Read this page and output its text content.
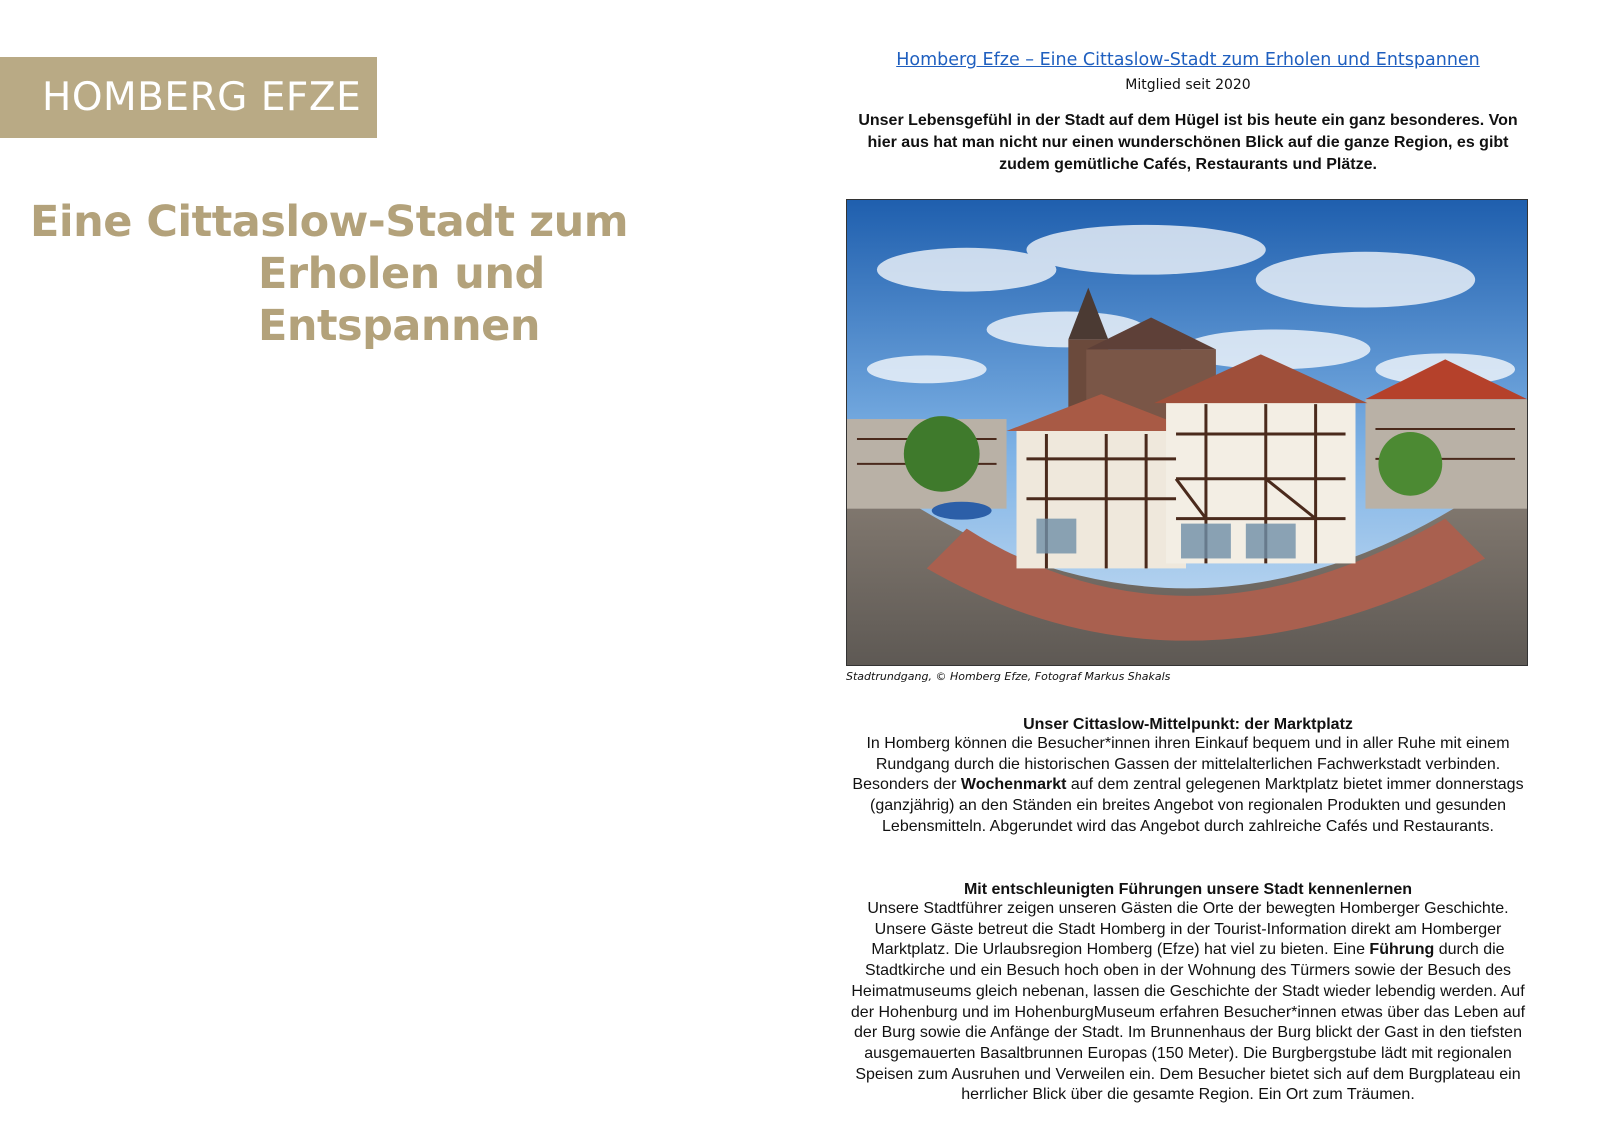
HOMBERG EFZE
Eine Cittaslow-Stadt zum
Erholen und Entspannen
Homberg Efze – Eine Cittaslow-Stadt zum Erholen und Entspannen
Mitglied seit 2020
Unser Lebensgefühl in der Stadt auf dem Hügel ist bis heute ein ganz besonderes. Von hier aus hat man nicht nur einen wunderschönen Blick auf die ganze Region, es gibt zudem gemütliche Cafés, Restaurants und Plätze.
Stadtrundgang, © Homberg Efze, Fotograf Markus Shakals
Unser Cittaslow-Mittelpunkt: der Marktplatz
In Homberg können die Besucher*innen ihren Einkauf bequem und in aller Ruhe mit einem Rundgang durch die historischen Gassen der mittelalterlichen Fachwerkstadt verbinden. Besonders der Wochenmarkt auf dem zentral gelegenen Marktplatz bietet immer donnerstags (ganzjährig) an den Ständen ein breites Angebot von regionalen Produkten und gesunden Lebensmitteln. Abgerundet wird das Angebot durch zahlreiche Cafés und Restaurants.
Mit entschleunigten Führungen unsere Stadt kennenlernen
Unsere Stadtführer zeigen unseren Gästen die Orte der bewegten Homberger Geschichte. Unsere Gäste betreut die Stadt Homberg in der Tourist-Information direkt am Homberger Marktplatz. Die Urlaubsregion Homberg (Efze) hat viel zu bieten. Eine Führung durch die Stadtkirche und ein Besuch hoch oben in der Wohnung des Türmers sowie der Besuch des Heimatmuseums gleich nebenan, lassen die Geschichte der Stadt wieder lebendig werden. Auf der Hohenburg und im HohenburgMuseum erfahren Besucher*innen etwas über das Leben auf der Burg sowie die Anfänge der Stadt. Im Brunnenhaus der Burg blickt der Gast in den tiefsten ausgemauerten Basaltbrunnen Europas (150 Meter). Die Burgbergstube lädt mit regionalen Speisen zum Ausruhen und Verweilen ein. Dem Besucher bietet sich auf dem Burgplateau ein herrlicher Blick über die gesamte Region. Ein Ort zum Träumen.
